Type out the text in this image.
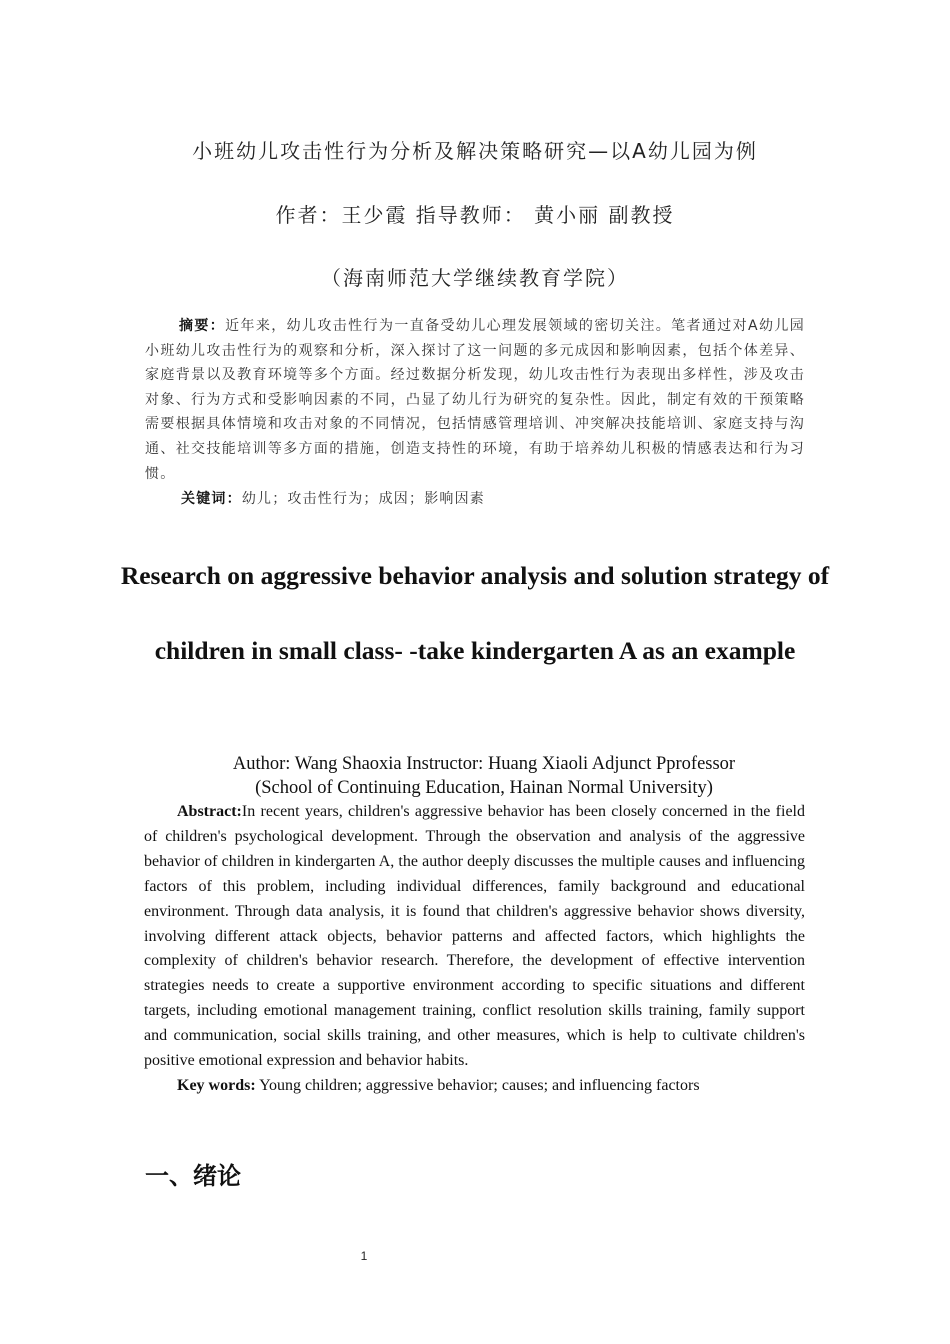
小班幼儿攻击性行为分析及解决策略研究—以A幼儿园为例
作者：王少霞 指导教师： 黄小丽 副教授
（海南师范大学继续教育学院）

摘要：近年来，幼儿攻击性行为一直备受幼儿心理发展领域的密切关注。笔者通过对A幼儿园小班幼儿攻击性行为的观察和分析，深入探讨了这一问题的多元成因和影响因素，包括个体差异、家庭背景以及教育环境等多个方面。经过数据分析发现，幼儿攻击性行为表现出多样性，涉及攻击对象、行为方式和受影响因素的不同，凸显了幼儿行为研究的复杂性。因此，制定有效的干预策略需要根据具体情境和攻击对象的不同情况，包括情感管理培训、冲突解决技能培训、家庭支持与沟通、社交技能培训等多方面的措施，创造支持性的环境，有助于培养幼儿积极的情感表达和行为习惯。

关键词：幼儿；攻击性行为；成因；影响因素

Research on aggressive behavior analysis and solution strategy of children in small class- -take kindergarten A as an example

Author: Wang Shaoxia Instructor: Huang Xiaoli Adjunct Pprofessor

(School of Continuing Education, Hainan Normal University)

Abstract:In recent years, children's aggressive behavior has been closely concerned in the field of children's psychological development. Through the observation and analysis of the aggressive behavior of children in kindergarten A, the author deeply discusses the multiple causes and influencing factors of this problem, including individual differences, family background and educational environment. Through data analysis, it is found that children's aggressive behavior shows diversity, involving different attack objects, behavior patterns and affected factors, which highlights the complexity of children's behavior research. Therefore, the development of effective intervention strategies needs to create a supportive environment according to specific situations and different targets, including emotional management training, conflict resolution skills training, family support and communication, social skills training, and other measures, which is help to cultivate children's positive emotional expression and behavior habits.

Key words: Young children; aggressive behavior; causes; and influencing factors

一、绪论
1
